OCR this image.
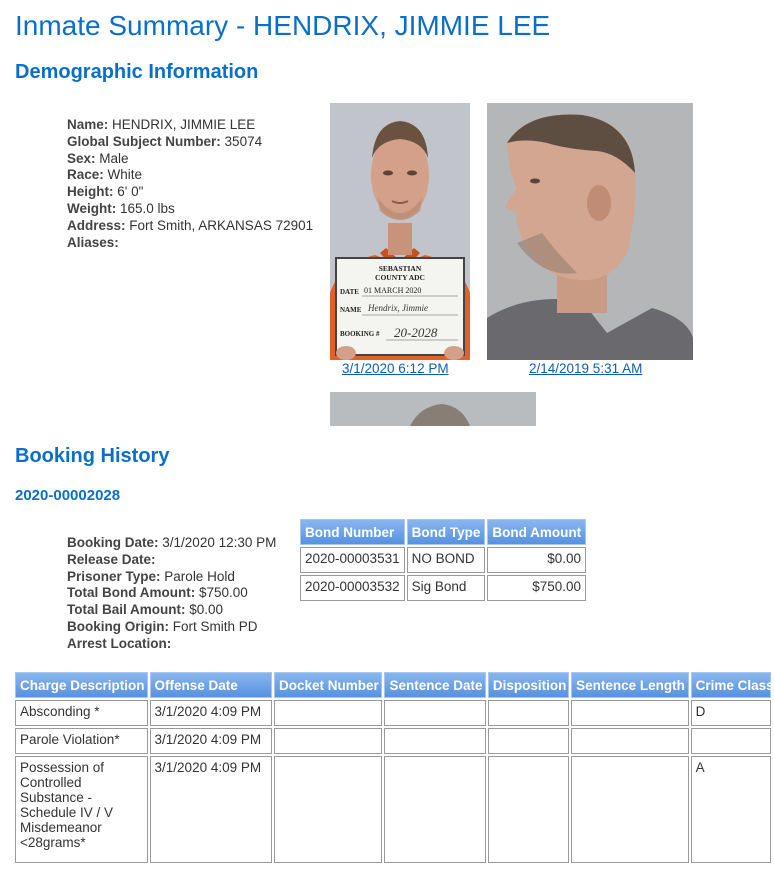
Inmate Summary - HENDRIX, JIMMIE LEE
Demographic Information
Name: HENDRIX, JIMMIE LEE
Global Subject Number: 35074
Sex: Male
Race: White
Height: 6' 0"
Weight: 165.0 lbs
Address: Fort Smith, ARKANSAS 72901
Aliases:
SEBASTIAN
COUNTY ADC
DATE 01 MARCH 2020
NAME Hendrix, Jimmie
BOOKING # 20-2028
3/1/2020 6:12 PM	2/14/2019 5:31 AM
Booking History
2020-00002028
Booking Date: 3/1/2020 12:30 PM
Release Date:
Prisoner Type: Parole Hold
Total Bond Amount: $750.00
Total Bail Amount: $0.00
Booking Origin: Fort Smith PD
Arrest Location:
Bond Number	Bond Type	Bond Amount
2020-00003531	NO BOND	$0.00
2020-00003532	Sig Bond	$750.00
Charge Description	Offense Date	Docket Number	Sentence Date	Disposition	Sentence Length	Crime Class
Absconding *	3/1/2020 4:09 PM					D
Parole Violation*	3/1/2020 4:09 PM					
Possession of Controlled Substance - Schedule IV / V Misdemeanor <28grams*	3/1/2020 4:09 PM					A
